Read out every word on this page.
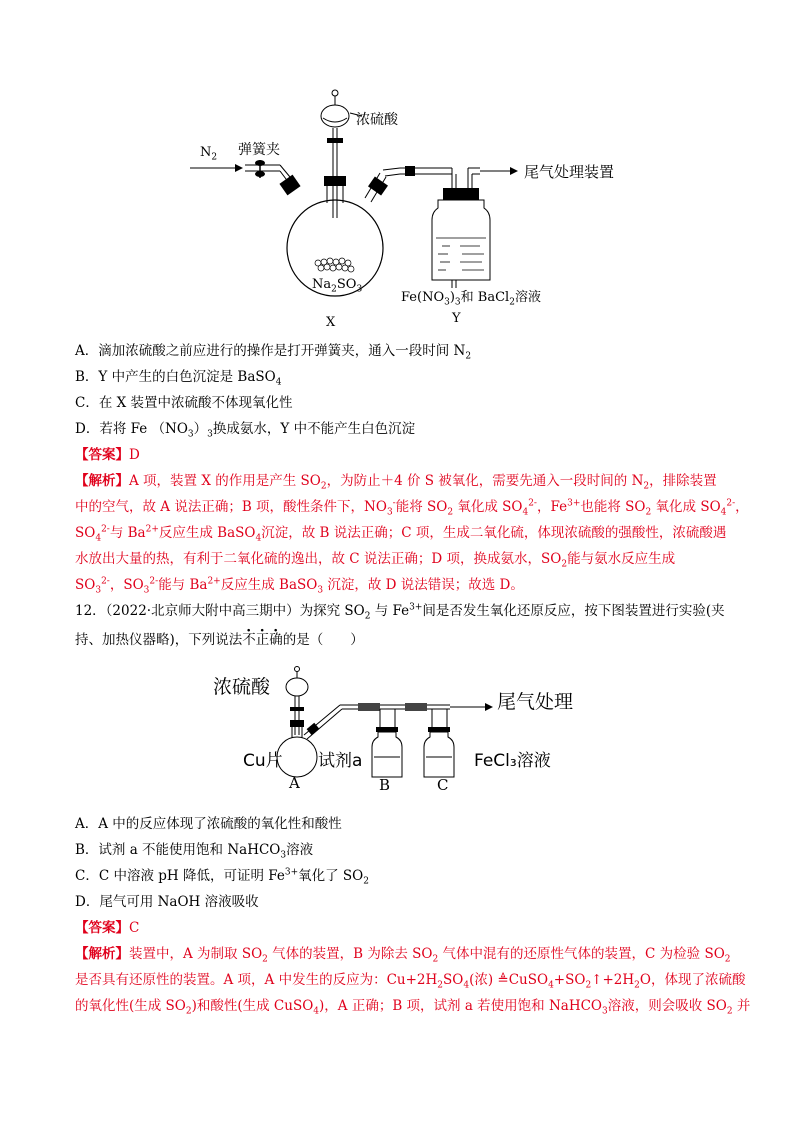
$N_2$ 弹簧夹
浓硫酸
尾气处理装置
$Na_2SO_3$
$Fe(NO_3)_3$和 BaCl$_2$溶液
X	Y
A．滴加浓硫酸之前应进行的操作是打开弹簧夹，通入一段时间 $N_2$
B．Y 中产生的白色沉淀是 BaSO$_4$
C．在 X 装置中浓硫酸不体现氧化性
D．若将 Fe $(NO_3)_3$换成氨水，Y 中不能产生白色沉淀
【答案】D
【解析】A 项，装置 X 的作用是产生 $SO_2$，为防止＋4 价 S 被氧化，需要先通入一段时间的 $N_2$，排除装置
中的空气，故 A 说法正确；B 项，酸性条件下，$NO_3^-$能将 $SO_2$ 氧化成 $SO_4^{2-}$，$Fe^{3+}$也能将 $SO_2$ 氧化成 $SO_4^{2-}$，
$SO_4^{2-}$与 $Ba^{2+}$反应生成 BaSO$_4$沉淀，故 B 说法正确；C 项，生成二氧化硫，体现浓硫酸的强酸性，浓硫酸遇
水放出大量的热，有利于二氧化硫的逸出，故 C 说法正确；D 项，换成氨水，$SO_2$能与氨水反应生成
$SO_3^{2-}$，$SO_3^{2-}$能与 $Ba^{2+}$反应生成 BaSO$_3$ 沉淀，故 D 说法错误；故选 D。
12．（2022·北京师大附中高三期中）为探究 $SO_2$ 与 $Fe^{3+}$间是否发生氧化还原反应，按下图装置进行实验(夹
持、加热仪器略)，下列说法不正确的是（　　）
浓硫酸
尾气处理
Cu片 试剂a	FeCl₃溶液
A	B	C
A．A 中的反应体现了浓硫酸的氧化性和酸性
B．试剂 a 不能使用饱和 NaHCO$_3$溶液
C．C 中溶液 pH 降低，可证明 $Fe^{3+}$氧化了 $SO_2$
D．尾气可用 NaOH 溶液吸收
【答案】C
【解析】装置中，A 为制取 $SO_2$ 气体的装置，B 为除去 $SO_2$ 气体中混有的还原性气体的装置，C 为检验 $SO_2$
是否具有还原性的装置。A 项，A 中发生的反应为：$Cu+2H_2SO_4$(浓) $≜CuSO_4+SO_2↑+2H_2O$，体现了浓硫酸
的氧化性(生成 $SO_2$)和酸性(生成 CuSO$_4$)，A 正确；B 项，试剂 a 若使用饱和 NaHCO$_3$溶液，则会吸收 $SO_2$ 并
